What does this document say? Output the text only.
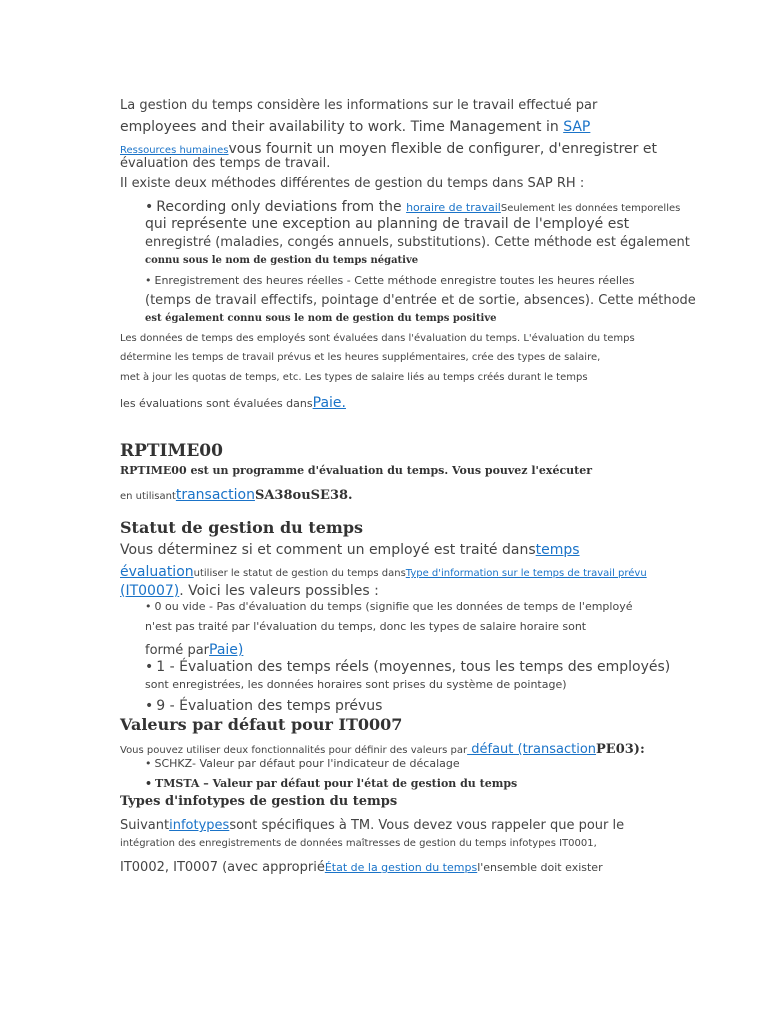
La gestion du temps considère les informations sur le travail effectué par
employees and their availability to work. Time Management in SAP
Ressources humainesvous fournit un moyen flexible de configurer, d'enregistrer et
évaluation des temps de travail.
Il existe deux méthodes différentes de gestion du temps dans SAP RH :
• Recording only deviations from the horaire de travailSeulement les données temporelles
qui représente une exception au planning de travail de l'employé est
enregistré (maladies, congés annuels, substitutions). Cette méthode est également
connu sous le nom de gestion du temps négative
• Enregistrement des heures réelles - Cette méthode enregistre toutes les heures réelles
(temps de travail effectifs, pointage d'entrée et de sortie, absences). Cette méthode
est également connu sous le nom de gestion du temps positive
Les données de temps des employés sont évaluées dans l'évaluation du temps. L'évaluation du temps
détermine les temps de travail prévus et les heures supplémentaires, crée des types de salaire,
met à jour les quotas de temps, etc. Les types de salaire liés au temps créés durant le temps
les évaluations sont évaluées dansPaie.
RPTIME00
RPTIME00 est un programme d'évaluation du temps. Vous pouvez l'exécuter
en utilisanttransactionSA38ouSE38.
Statut de gestion du temps
Vous déterminez si et comment un employé est traité danstemps
évaluationutiliser le statut de gestion du temps dansType d'information sur le temps de travail prévu
(IT0007). Voici les valeurs possibles :
• 0 ou vide - Pas d'évaluation du temps (signifie que les données de temps de l'employé
n'est pas traité par l'évaluation du temps, donc les types de salaire horaire sont
formé parPaie)
• 1 - Évaluation des temps réels (moyennes, tous les temps des employés)
sont enregistrées, les données horaires sont prises du système de pointage)
• 9 - Évaluation des temps prévus
Valeurs par défaut pour IT0007
Vous pouvez utiliser deux fonctionnalités pour définir des valeurs par défaut (transactionPE03):
• SCHKZ- Valeur par défaut pour l'indicateur de décalage
• TMSTA – Valeur par défaut pour l'état de gestion du temps
Types d'infotypes de gestion du temps
Suivantinfotypessont spécifiques à TM. Vous devez vous rappeler que pour le
intégration des enregistrements de données maîtresses de gestion du temps infotypes IT0001,
IT0002, IT0007 (avec appropriéÉtat de la gestion du tempsl'ensemble doit exister
